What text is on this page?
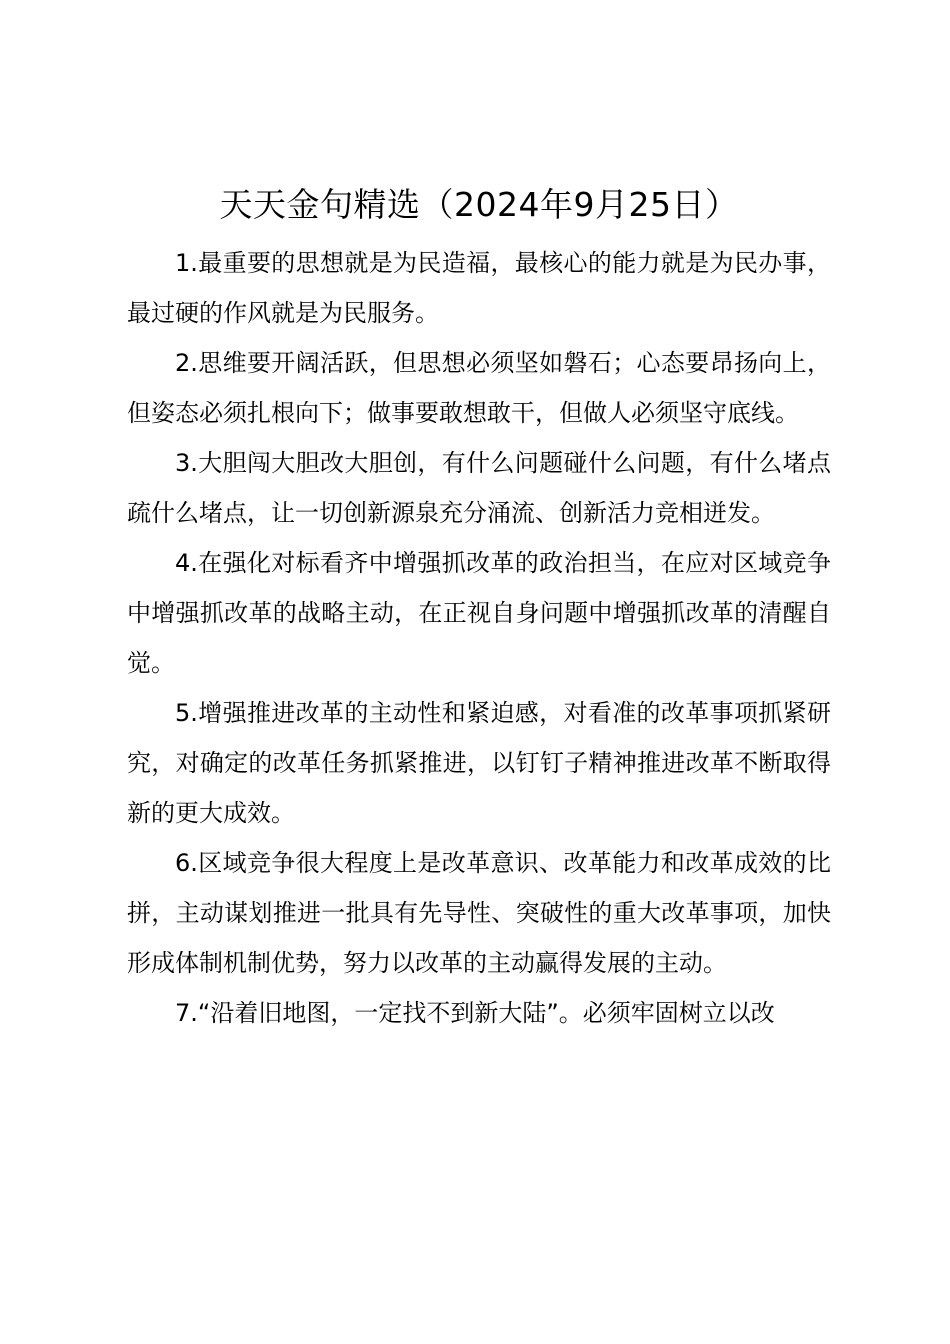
天天金句精选（2024年9月25日）

1.最重要的思想就是为民造福，最核心的能力就是为民办事，最过硬的作风就是为民服务。

2.思维要开阔活跃，但思想必须坚如磐石；心态要昂扬向上，但姿态必须扎根向下；做事要敢想敢干，但做人必须坚守底线。

3.大胆闯大胆改大胆创，有什么问题碰什么问题，有什么堵点疏什么堵点，让一切创新源泉充分涌流、创新活力竞相迸发。

4.在强化对标看齐中增强抓改革的政治担当，在应对区域竞争中增强抓改革的战略主动，在正视自身问题中增强抓改革的清醒自觉。

5.增强推进改革的主动性和紧迫感，对看准的改革事项抓紧研究，对确定的改革任务抓紧推进，以钉钉子精神推进改革不断取得新的更大成效。

6.区域竞争很大程度上是改革意识、改革能力和改革成效的比拼，主动谋划推进一批具有先导性、突破性的重大改革事项，加快形成体制机制优势，努力以改革的主动赢得发展的主动。

7.“沿着旧地图，一定找不到新大陆”。必须牢固树立以改
